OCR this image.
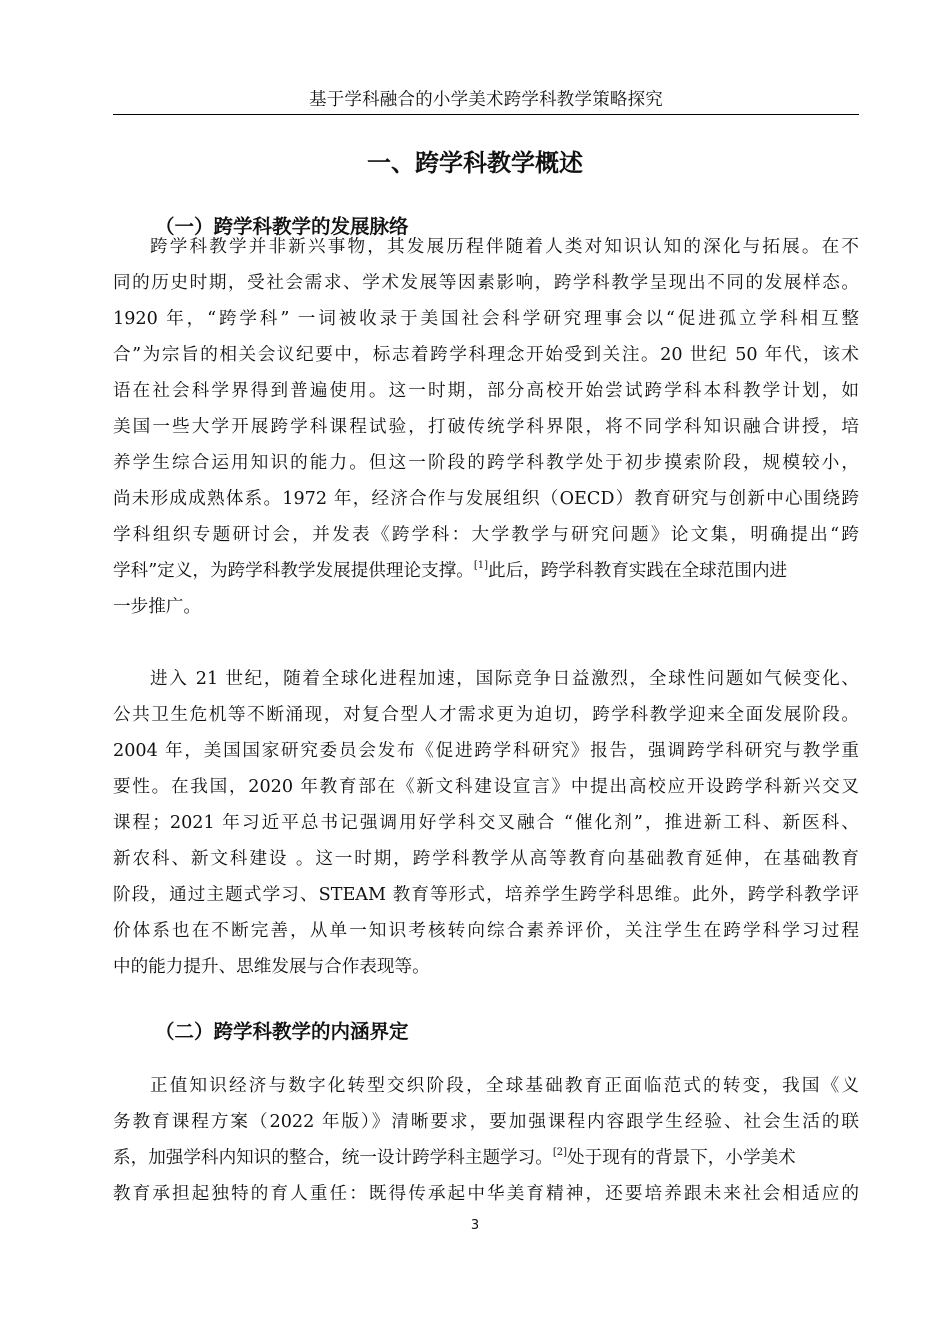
基于学科融合的小学美术跨学科教学策略探究
一、跨学科教学概述
（一）跨学科教学的发展脉络
跨学科教学并非新兴事物，其发展历程伴随着人类对知识认知的深化与拓展。在不
同的历史时期，受社会需求、学术发展等因素影响，跨学科教学呈现出不同的发展样态。
1920 年，“跨学科” 一词被收录于美国社会科学研究理事会以“促进孤立学科相互整
合”为宗旨的相关会议纪要中，标志着跨学科理念开始受到关注。20 世纪 50 年代，该术
语在社会科学界得到普遍使用。这一时期，部分高校开始尝试跨学科本科教学计划，如
美国一些大学开展跨学科课程试验，打破传统学科界限，将不同学科知识融合讲授，培
养学生综合运用知识的能力。但这一阶段的跨学科教学处于初步摸索阶段，规模较小，
尚未形成成熟体系。1972 年，经济合作与发展组织（OECD）教育研究与创新中心围绕跨
学科组织专题研讨会，并发表《跨学科：大学教学与研究问题》论文集，明确提出“跨
学科”定义，为跨学科教学发展提供理论支撑。[1]此后，跨学科教育实践在全球范围内进
一步推广。
进入 21 世纪，随着全球化进程加速，国际竞争日益激烈，全球性问题如气候变化、
公共卫生危机等不断涌现，对复合型人才需求更为迫切，跨学科教学迎来全面发展阶段。
2004 年，美国国家研究委员会发布《促进跨学科研究》报告，强调跨学科研究与教学重
要性。在我国，2020 年教育部在《新文科建设宣言》中提出高校应开设跨学科新兴交叉
课程；2021 年习近平总书记强调用好学科交叉融合 “催化剂”，推进新工科、新医科、
新农科、新文科建设 。这一时期，跨学科教学从高等教育向基础教育延伸，在基础教育
阶段，通过主题式学习、STEAM 教育等形式，培养学生跨学科思维。此外，跨学科教学评
价体系也在不断完善，从单一知识考核转向综合素养评价，关注学生在跨学科学习过程
中的能力提升、思维发展与合作表现等。
（二）跨学科教学的内涵界定
正值知识经济与数字化转型交织阶段，全球基础教育正面临范式的转变，我国《义
务教育课程方案（2022 年版）》清晰要求，要加强课程内容跟学生经验、社会生活的联
系，加强学科内知识的整合，统一设计跨学科主题学习。[2]处于现有的背景下，小学美术
教育承担起独特的育人重任：既得传承起中华美育精神，还要培养跟未来社会相适应的
3
